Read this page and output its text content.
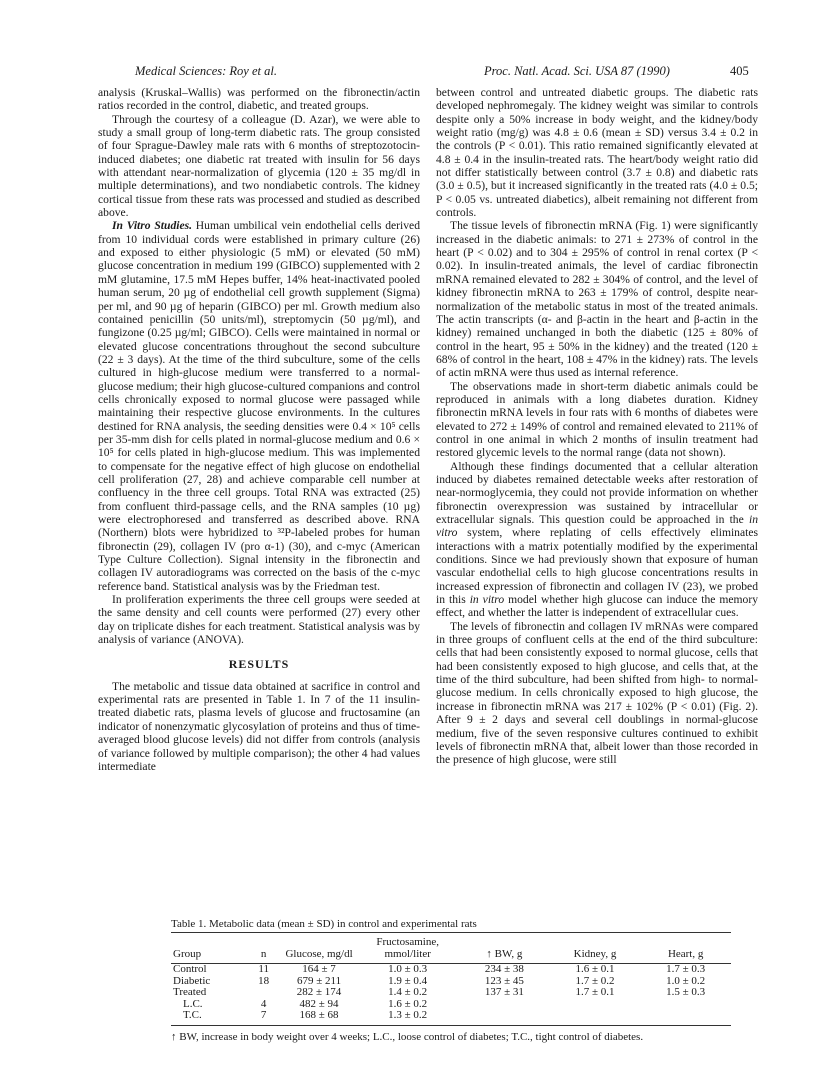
Medical Sciences: Roy et al.	Proc. Natl. Acad. Sci. USA 87 (1990)	405

analysis (Kruskal–Wallis) was performed on the fibronectin/actin ratios recorded in the control, diabetic, and treated groups.

Through the courtesy of a colleague (D. Azar), we were able to study a small group of long-term diabetic rats. The group consisted of four Sprague-Dawley male rats with 6 months of streptozotocin-induced diabetes; one diabetic rat treated with insulin for 56 days with attendant near-normalization of glycemia (120 ± 35 mg/dl in multiple determinations), and two nondiabetic controls. The kidney cortical tissue from these rats was processed and studied as described above.

In Vitro Studies. Human umbilical vein endothelial cells derived from 10 individual cords were established in primary culture (26) and exposed to either physiologic (5 mM) or elevated (50 mM) glucose concentration in medium 199 (GIBCO) supplemented with 2 mM glutamine, 17.5 mM Hepes buffer, 14% heat-inactivated pooled human serum, 20 µg of endothelial cell growth supplement (Sigma) per ml, and 90 µg of heparin (GIBCO) per ml. Growth medium also contained penicillin (50 units/ml), streptomycin (50 µg/ml), and fungizone (0.25 µg/ml; GIBCO). Cells were maintained in normal or elevated glucose concentrations throughout the second subculture (22 ± 3 days). At the time of the third subculture, some of the cells cultured in high-glucose medium were transferred to a normal-glucose medium; their high glucose-cultured companions and control cells chronically exposed to normal glucose were passaged while maintaining their respective glucose environments. In the cultures destined for RNA analysis, the seeding densities were 0.4 × 10⁵ cells per 35-mm dish for cells plated in normal-glucose medium and 0.6 × 10⁵ for cells plated in high-glucose medium. This was implemented to compensate for the negative effect of high glucose on endothelial cell proliferation (27, 28) and achieve comparable cell number at confluency in the three cell groups. Total RNA was extracted (25) from confluent third-passage cells, and the RNA samples (10 µg) were electrophoresed and transferred as described above. RNA (Northern) blots were hybridized to ³²P-labeled probes for human fibronectin (29), collagen IV (pro α-1) (30), and c-myc (American Type Culture Collection). Signal intensity in the fibronectin and collagen IV autoradiograms was corrected on the basis of the c-myc reference band. Statistical analysis was by the Friedman test.

In proliferation experiments the three cell groups were seeded at the same density and cell counts were performed (27) every other day on triplicate dishes for each treatment. Statistical analysis was by analysis of variance (ANOVA).

RESULTS

The metabolic and tissue data obtained at sacrifice in control and experimental rats are presented in Table 1. In 7 of the 11 insulin-treated diabetic rats, plasma levels of glucose and fructosamine (an indicator of nonenzymatic glycosylation of proteins and thus of time-averaged blood glucose levels) did not differ from controls (analysis of variance followed by multiple comparison); the other 4 had values intermediate

between control and untreated diabetic groups. The diabetic rats developed nephromegaly. The kidney weight was similar to controls despite only a 50% increase in body weight, and the kidney/body weight ratio (mg/g) was 4.8 ± 0.6 (mean ± SD) versus 3.4 ± 0.2 in the controls (P < 0.01). This ratio remained significantly elevated at 4.8 ± 0.4 in the insulin-treated rats. The heart/body weight ratio did not differ statistically between control (3.7 ± 0.8) and diabetic rats (3.0 ± 0.5), but it increased significantly in the treated rats (4.0 ± 0.5; P < 0.05 vs. untreated diabetics), albeit remaining not different from controls.

The tissue levels of fibronectin mRNA (Fig. 1) were significantly increased in the diabetic animals: to 271 ± 273% of control in the heart (P < 0.02) and to 304 ± 295% of control in renal cortex (P < 0.02). In insulin-treated animals, the level of cardiac fibronectin mRNA remained elevated to 282 ± 304% of control, and the level of kidney fibronectin mRNA to 263 ± 179% of control, despite near-normalization of the metabolic status in most of the treated animals. The actin transcripts (α- and β-actin in the heart and β-actin in the kidney) remained unchanged in both the diabetic (125 ± 80% of control in the heart, 95 ± 50% in the kidney) and the treated (120 ± 68% of control in the heart, 108 ± 47% in the kidney) rats. The levels of actin mRNA were thus used as internal reference.

The observations made in short-term diabetic animals could be reproduced in animals with a long diabetes duration. Kidney fibronectin mRNA levels in four rats with 6 months of diabetes were elevated to 272 ± 149% of control and remained elevated to 211% of control in one animal in which 2 months of insulin treatment had restored glycemic levels to the normal range (data not shown).

Although these findings documented that a cellular alteration induced by diabetes remained detectable weeks after restoration of near-normoglycemia, they could not provide information on whether fibronectin overexpression was sustained by intracellular or extracellular signals. This question could be approached in the in vitro system, where replating of cells effectively eliminates interactions with a matrix potentially modified by the experimental conditions. Since we had previously shown that exposure of human vascular endothelial cells to high glucose concentrations results in increased expression of fibronectin and collagen IV (23), we probed in this in vitro model whether high glucose can induce the memory effect, and whether the latter is independent of extracellular cues.

The levels of fibronectin and collagen IV mRNAs were compared in three groups of confluent cells at the end of the third subculture: cells that had been consistently exposed to normal glucose, cells that had been consistently exposed to high glucose, and cells that, at the time of the third subculture, had been shifted from high- to normal-glucose medium. In cells chronically exposed to high glucose, the increase in fibronectin mRNA was 217 ± 102% (P < 0.01) (Fig. 2). After 9 ± 2 days and several cell doublings in normal-glucose medium, five of the seven responsive cultures continued to exhibit levels of fibronectin mRNA that, albeit lower than those recorded in the presence of high glucose, were still

Table 1. Metabolic data (mean ± SD) in control and experimental rats
Group	n	Glucose, mg/dl	Fructosamine, mmol/liter	↑ BW, g	Kidney, g	Heart, g
Control	11	164 ± 7	1.0 ± 0.3	234 ± 38	1.6 ± 0.1	1.7 ± 0.3
Diabetic	18	679 ± 211	1.9 ± 0.4	123 ± 45	1.7 ± 0.2	1.0 ± 0.2
Treated		282 ± 174	1.4 ± 0.2	137 ± 31	1.7 ± 0.1	1.5 ± 0.3
L.C.	4	482 ± 94	1.6 ± 0.2			
T.C.	7	168 ± 68	1.3 ± 0.2			
↑ BW, increase in body weight over 4 weeks; L.C., loose control of diabetes; T.C., tight control of diabetes.
